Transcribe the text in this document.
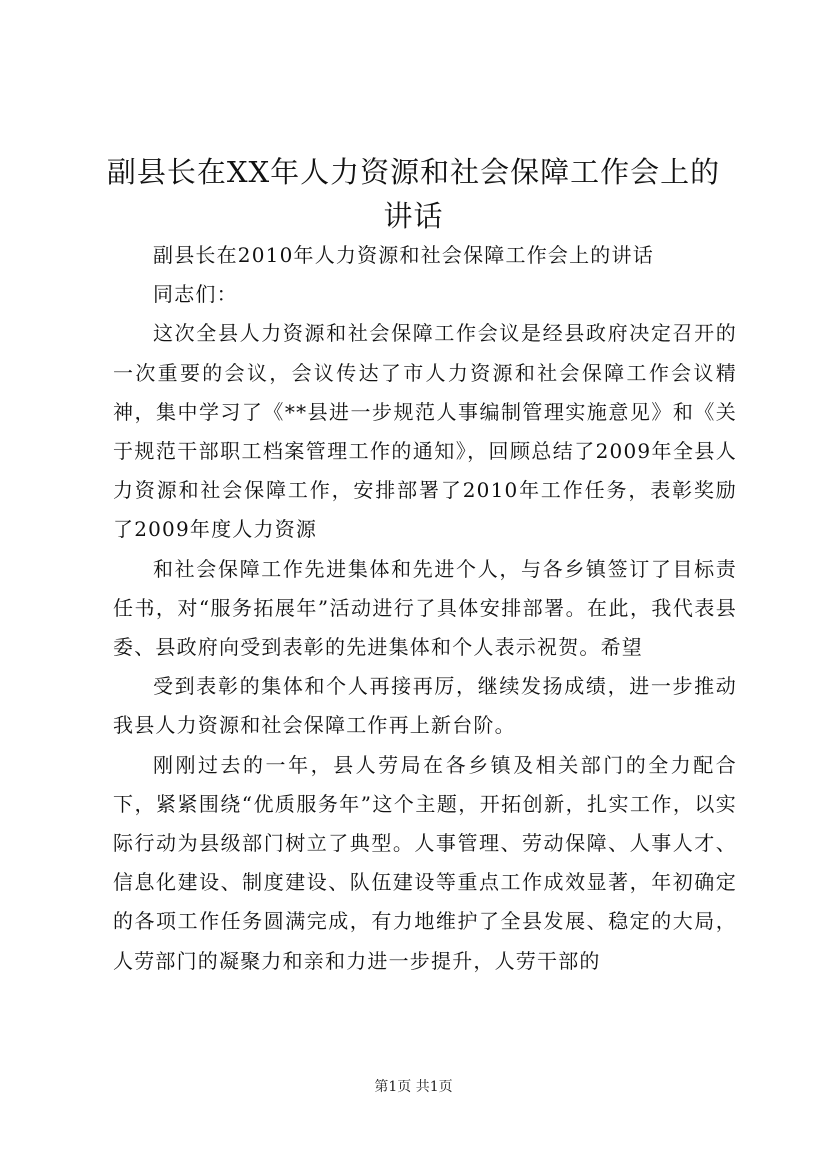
副县长在XX年人力资源和社会保障工作会上的讲话

副县长在2010年人力资源和社会保障工作会上的讲话

同志们：

这次全县人力资源和社会保障工作会议是经县政府决定召开的一次重要的会议，会议传达了市人力资源和社会保障工作会议精神，集中学习了《**县进一步规范人事编制管理实施意见》和《关于规范干部职工档案管理工作的通知》，回顾总结了2009年全县人力资源和社会保障工作，安排部署了2010年工作任务，表彰奖励了2009年度人力资源

和社会保障工作先进集体和先进个人，与各乡镇签订了目标责任书，对“服务拓展年”活动进行了具体安排部署。在此，我代表县委、县政府向受到表彰的先进集体和个人表示祝贺。希望

受到表彰的集体和个人再接再厉，继续发扬成绩，进一步推动我县人力资源和社会保障工作再上新台阶。

刚刚过去的一年，县人劳局在各乡镇及相关部门的全力配合下，紧紧围绕“优质服务年”这个主题，开拓创新，扎实工作，以实际行动为县级部门树立了典型。人事管理、劳动保障、人事人才、信息化建设、制度建设、队伍建设等重点工作成效显著，年初确定的各项工作任务圆满完成，有力地维护了全县发展、稳定的大局，人劳部门的凝聚力和亲和力进一步提升，人劳干部的

第1页 共1页
